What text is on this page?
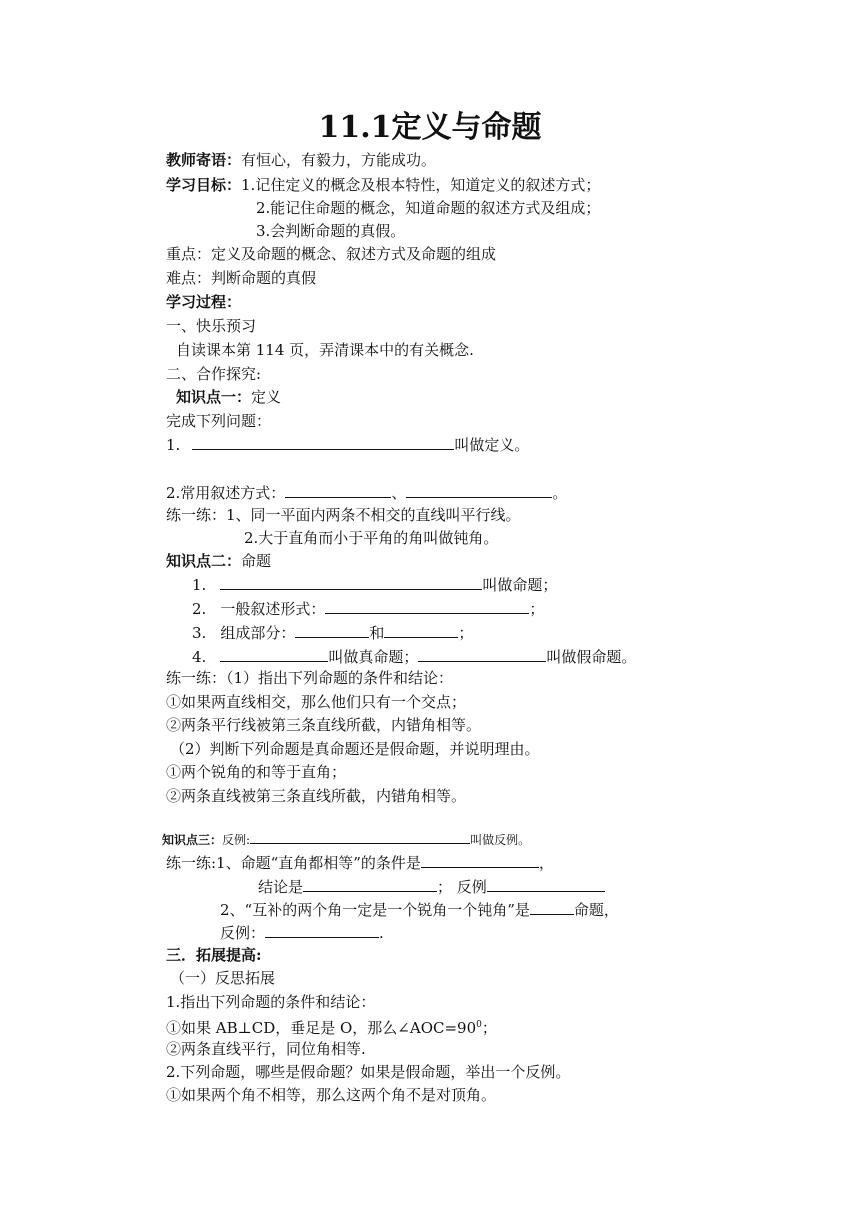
11.1定义与命题
教师寄语：有恒心，有毅力，方能成功。
学习目标：1.记住定义的概念及根本特性，知道定义的叙述方式；
2.能记住命题的概念，知道命题的叙述方式及组成；
3.会判断命题的真假。
重点：定义及命题的概念、叙述方式及命题的组成
难点：判断命题的真假
学习过程：
一、快乐预习
自读课本第 114 页，弄清课本中的有关概念.
二、合作探究:
知识点一：定义
完成下列问题：
1.	叫做定义。
2.常用叙述方式：	、	。
练一练：1、同一平面内两条不相交的直线叫平行线。
2.大于直角而小于平角的角叫做钝角。
知识点二：命题
1.	叫做命题；
2. 一般叙述形式：	；
3. 组成部分：	和	；
4.	叫做真命题；	叫做假命题。
练一练：（1）指出下列命题的条件和结论：
①如果两直线相交，那么他们只有一个交点；
②两条平行线被第三条直线所截，内错角相等。
（2）判断下列命题是真命题还是假命题，并说明理由。
①两个锐角的和等于直角；
②两条直线被第三条直线所截，内错角相等。
知识点三：反例:	叫做反例。
练一练:1、命题“直角都相等”的条件是	，
结论是	； 反例
2、“互补的两个角一定是一个锐角一个钝角”是	命题，
反例：	.
三．拓展提高:
（一）反思拓展
1.指出下列命题的条件和结论：
①如果 AB⊥CD，垂足是 O，那么$\angle AOC=90^0$；
②两条直线平行，同位角相等.
2.下列命题，哪些是假命题？如果是假命题，举出一个反例。
①如果两个角不相等，那么这两个角不是对顶角。
